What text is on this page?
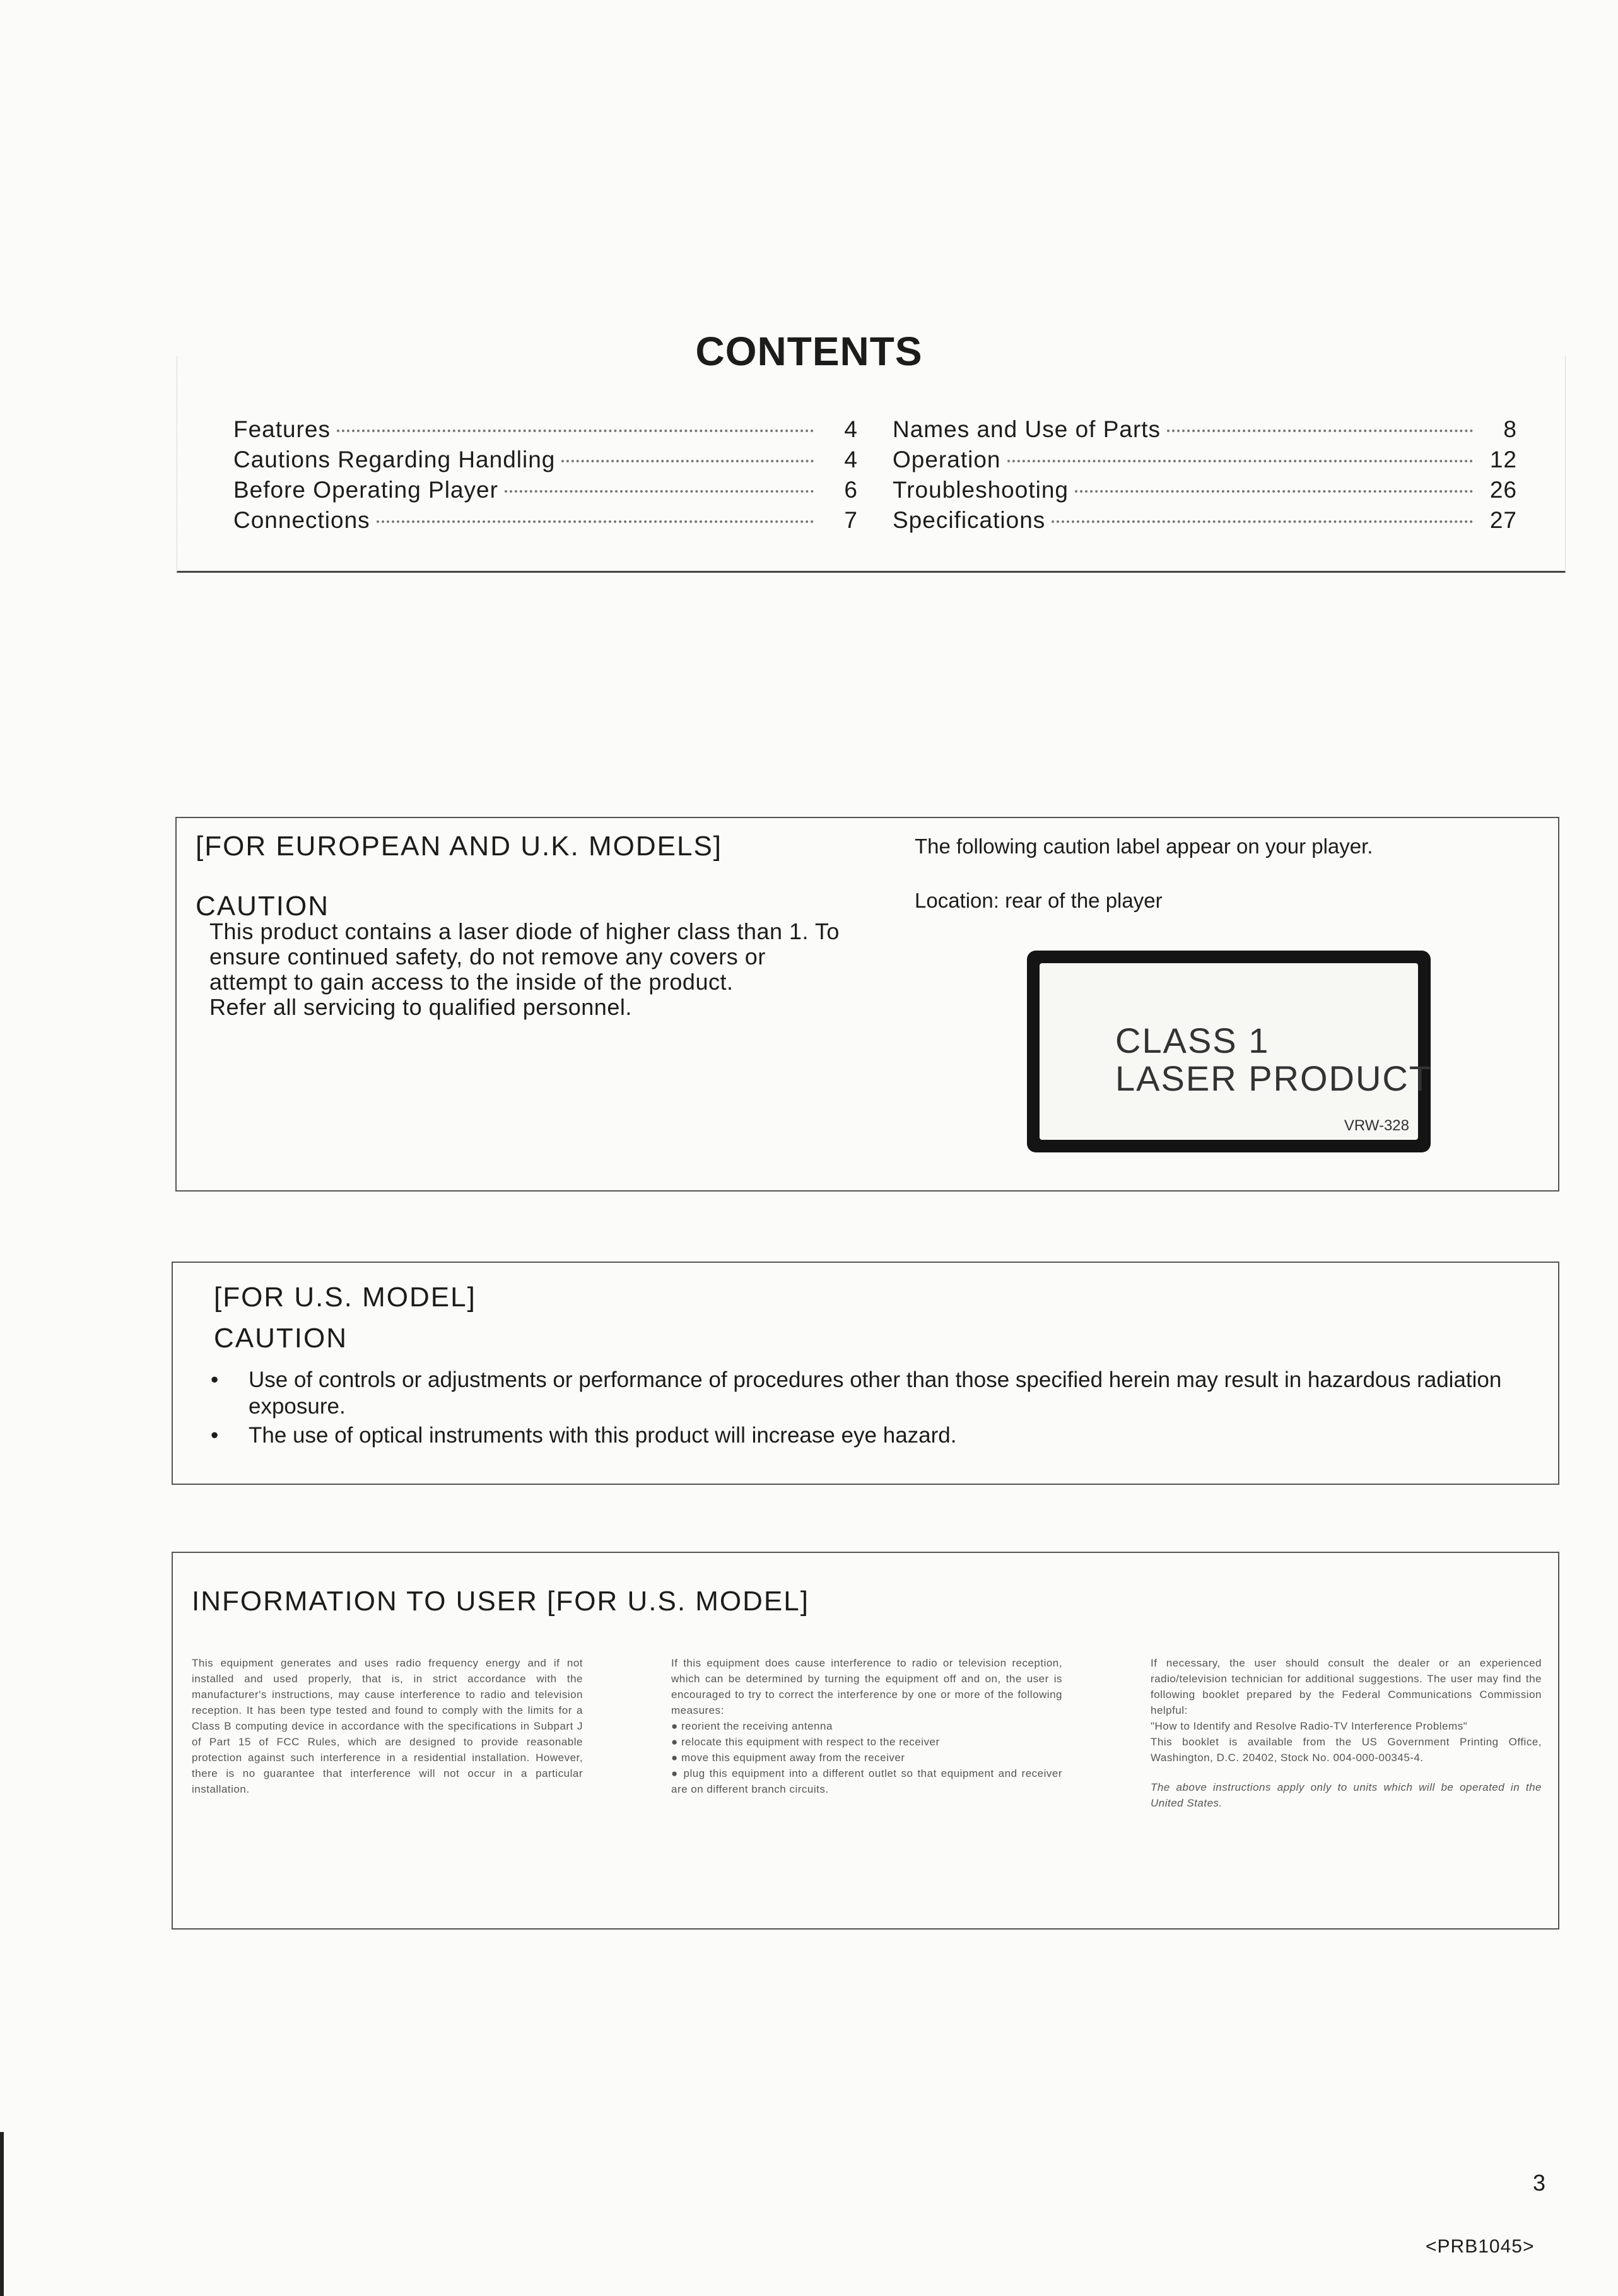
CONTENTS
Features	4
Cautions Regarding Handling	4
Before Operating Player	6
Connections	7
Names and Use of Parts	8
Operation	12
Troubleshooting	26
Specifications	27
[FOR EUROPEAN AND U.K. MODELS]
CAUTION
This product contains a laser diode of higher class than 1. To ensure continued safety, do not remove any covers or attempt to gain access to the inside of the product.
Refer all servicing to qualified personnel.
The following caution label appear on your player.
Location: rear of the player
CLASS 1
LASER PRODUCT
VRW-328
[FOR U.S. MODEL]
CAUTION
• Use of controls or adjustments or performance of procedures other than those specified herein may result in hazardous radiation exposure.
• The use of optical instruments with this product will increase eye hazard.
INFORMATION TO USER [FOR U.S. MODEL]
This equipment generates and uses radio frequency energy and if not installed and used properly, that is, in strict accordance with the manufacturer's instructions, may cause interference to radio and television reception. It has been type tested and found to comply with the limits for a Class B computing device in accordance with the specifications in Subpart J of Part 15 of FCC Rules, which are designed to provide reasonable protection against such interference in a residential installation. However, there is no guarantee that interference will not occur in a particular installation.
If this equipment does cause interference to radio or television reception, which can be determined by turning the equipment off and on, the user is encouraged to try to correct the interference by one or more of the following measures:
● reorient the receiving antenna
● relocate this equipment with respect to the receiver
● move this equipment away from the receiver
● plug this equipment into a different outlet so that equipment and receiver are on different branch circuits.
If necessary, the user should consult the dealer or an experienced radio/television technician for additional suggestions. The user may find the following booklet prepared by the Federal Communications Commission helpful:
"How to Identify and Resolve Radio-TV Interference Problems"
This booklet is available from the US Government Printing Office, Washington, D.C. 20402, Stock No. 004-000-00345-4.
The above instructions apply only to units which will be operated in the United States.
3
<PRB1045>
